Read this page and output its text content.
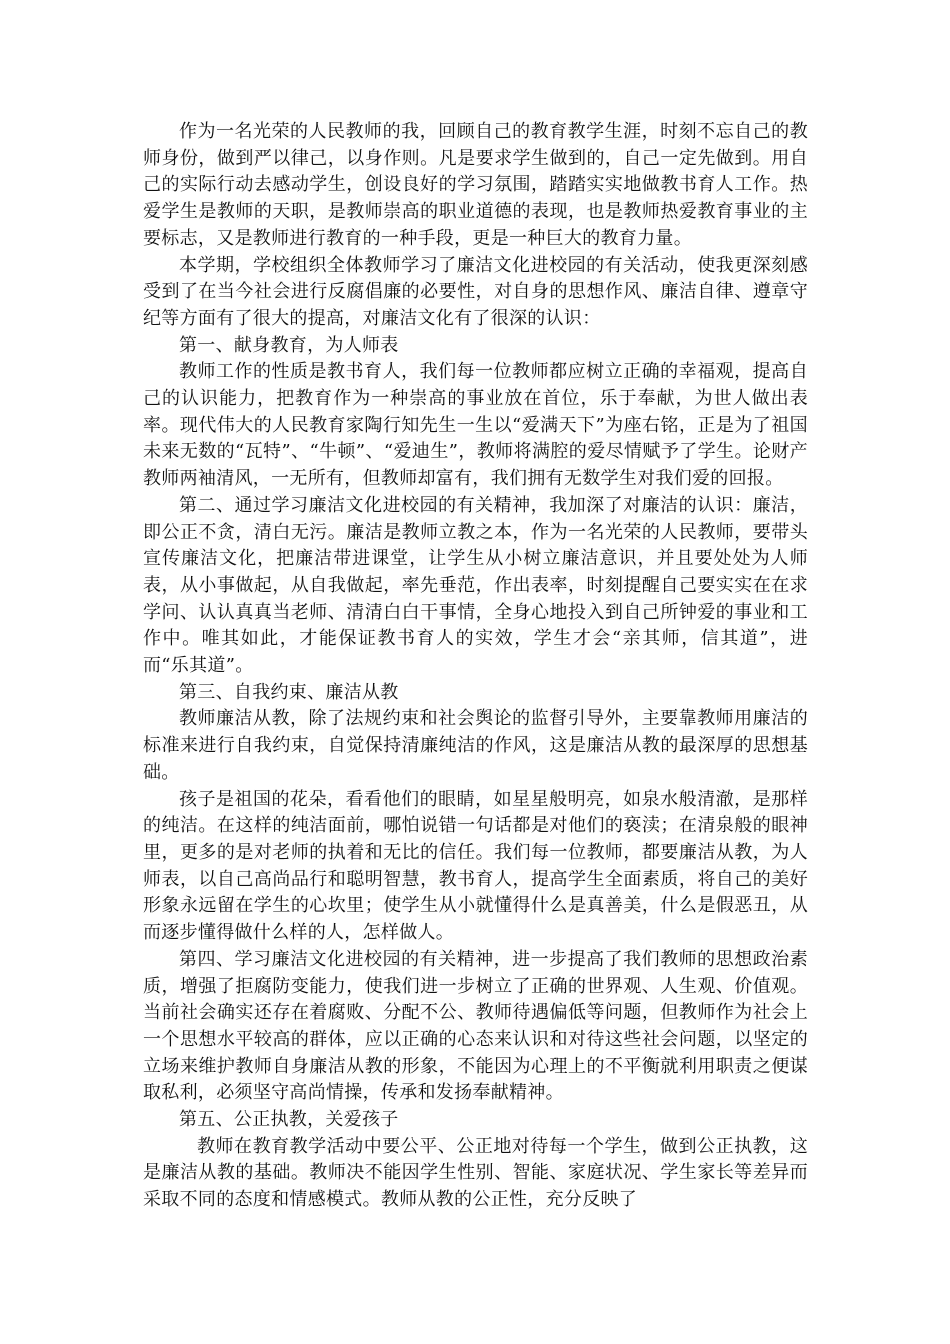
作为一名光荣的人民教师的我，回顾自己的教育教学生涯，时刻不忘自己的教师身份，做到严以律己，以身作则。凡是要求学生做到的，自己一定先做到。用自己的实际行动去感动学生，创设良好的学习氛围，踏踏实实地做教书育人工作。热爱学生是教师的天职，是教师崇高的职业道德的表现，也是教师热爱教育事业的主要标志，又是教师进行教育的一种手段，更是一种巨大的教育力量。

本学期，学校组织全体教师学习了廉洁文化进校园的有关活动，使我更深刻感受到了在当今社会进行反腐倡廉的必要性，对自身的思想作风、廉洁自律、遵章守纪等方面有了很大的提高，对廉洁文化有了很深的认识：

第一、献身教育，为人师表

教师工作的性质是教书育人，我们每一位教师都应树立正确的幸福观，提高自己的认识能力，把教育作为一种崇高的事业放在首位，乐于奉献，为世人做出表率。现代伟大的人民教育家陶行知先生一生以“爱满天下”为座右铭，正是为了祖国未来无数的“瓦特”、“牛顿”、“爱迪生”，教师将满腔的爱尽情赋予了学生。论财产教师两袖清风，一无所有，但教师却富有，我们拥有无数学生对我们爱的回报。

第二、通过学习廉洁文化进校园的有关精神，我加深了对廉洁的认识：廉洁，即公正不贪，清白无污。廉洁是教师立教之本，作为一名光荣的人民教师，要带头宣传廉洁文化，把廉洁带进课堂，让学生从小树立廉洁意识，并且要处处为人师表，从小事做起，从自我做起，率先垂范，作出表率，时刻提醒自己要实实在在求学问、认认真真当老师、清清白白干事情，全身心地投入到自己所钟爱的事业和工作中。唯其如此，才能保证教书育人的实效，学生才会“亲其师，信其道”，进而“乐其道”。

第三、自我约束、廉洁从教

教师廉洁从教，除了法规约束和社会舆论的监督引导外，主要靠教师用廉洁的标准来进行自我约束，自觉保持清廉纯洁的作风，这是廉洁从教的最深厚的思想基础。

孩子是祖国的花朵，看看他们的眼睛，如星星般明亮，如泉水般清澈，是那样的纯洁。在这样的纯洁面前，哪怕说错一句话都是对他们的亵渎；在清泉般的眼神里，更多的是对老师的执着和无比的信任。我们每一位教师，都要廉洁从教，为人师表，以自己高尚品行和聪明智慧，教书育人，提高学生全面素质，将自己的美好形象永远留在学生的心坎里；使学生从小就懂得什么是真善美，什么是假恶丑，从而逐步懂得做什么样的人，怎样做人。

第四、学习廉洁文化进校园的有关精神，进一步提高了我们教师的思想政治素质，增强了拒腐防变能力，使我们进一步树立了正确的世界观、人生观、价值观。当前社会确实还存在着腐败、分配不公、教师待遇偏低等问题，但教师作为社会上一个思想水平较高的群体，应以正确的心态来认识和对待这些社会问题，以坚定的立场来维护教师自身廉洁从教的形象，不能因为心理上的不平衡就利用职责之便谋取私利，必须坚守高尚情操，传承和发扬奉献精神。

第五、公正执教，关爱孩子

教师在教育教学活动中要公平、公正地对待每一个学生，做到公正执教，这是廉洁从教的基础。教师决不能因学生性别、智能、家庭状况、学生家长等差异而采取不同的态度和情感模式。教师从教的公正性，充分反映了
